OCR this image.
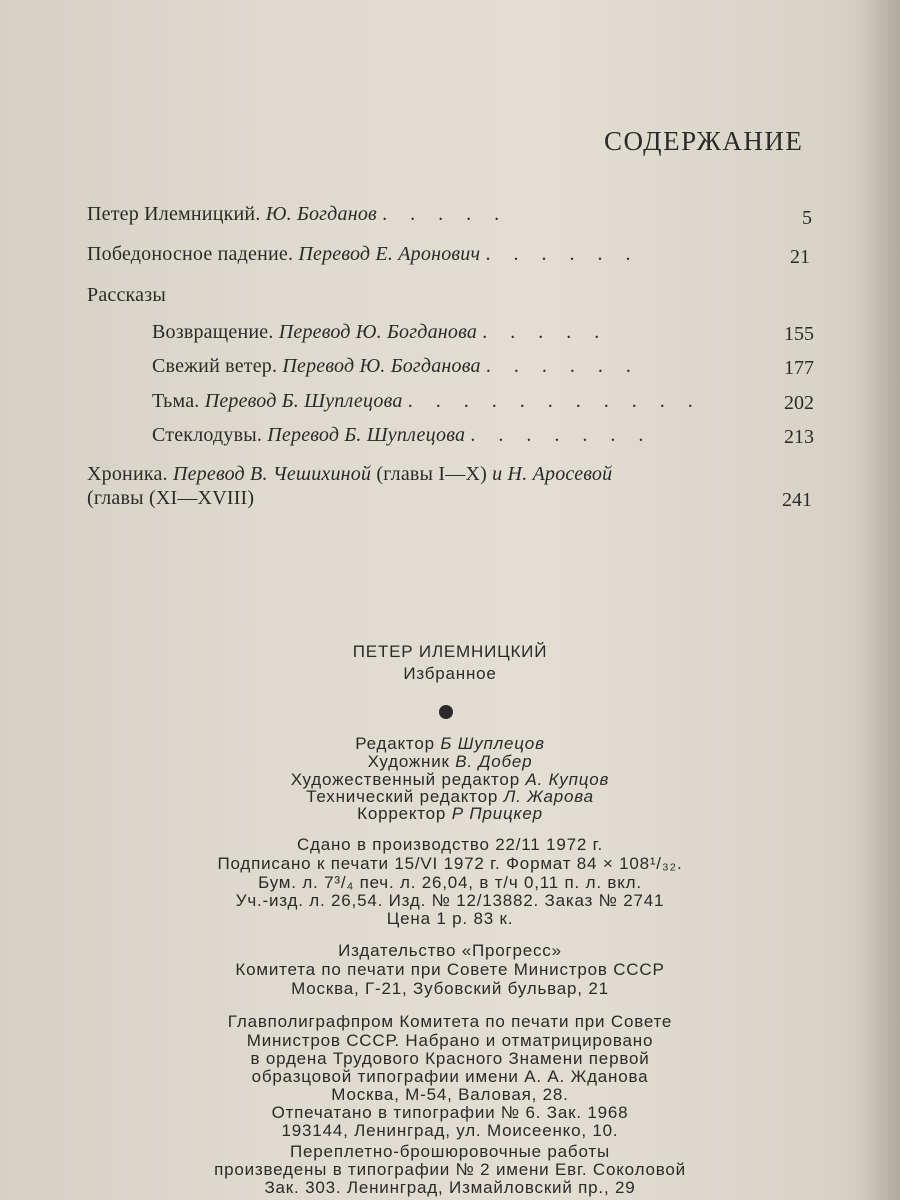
СОДЕРЖАНИЕ
Петер Илемницкий. Ю. Богданов . . . . .	5
Победоносное падение. Перевод Е. Аронович . . . . . .	21
Рассказы
Возвращение. Перевод Ю. Богданова . . . . .	155
Свежий ветер. Перевод Ю. Богданова . . . . . .	177
Тьма. Перевод Б. Шуплецова . . . . . . . . . . .	202
Стеклодувы. Перевод Б. Шуплецова . . . . . . .	213
Хроника. Перевод В. Чешихиной (главы I—X) и Н. Аросевой
(главы (XI—XVIII)	241
ПЕТЕР ИЛЕМНИЦКИЙ
Избранное
Редактор Б Шуплецов
Художник В. Добер
Художественный редактор А. Купцов
Технический редактор Л. Жарова
Корректор Р Прицкер
Сдано в производство 22/11 1972 г.
Подписано к печати 15/VI 1972 г. Формат 84 × 108¹/₃₂.
Бум. л. 7³/₄ печ. л. 26,04, в т/ч 0,11 п. л. вкл.
Уч.-изд. л. 26,54. Изд. № 12/13882. Заказ № 2741
Цена 1 р. 83 к.
Издательство «Прогресс»
Комитета по печати при Совете Министров СССР
Москва, Г-21, Зубовский бульвар, 21
Главполиграфпром Комитета по печати при Совете
Министров СССР. Набрано и отматрицировано
в ордена Трудового Красного Знамени первой
образцовой типографии имени А. А. Жданова
Москва, М-54, Валовая, 28.
Отпечатано в типографии № 6. Зак. 1968
193144, Ленинград, ул. Моисеенко, 10.
Переплетно-брошюровочные работы
произведены в типографии № 2 имени Евг. Соколовой
Зак. 303. Ленинград, Измайловский пр., 29
